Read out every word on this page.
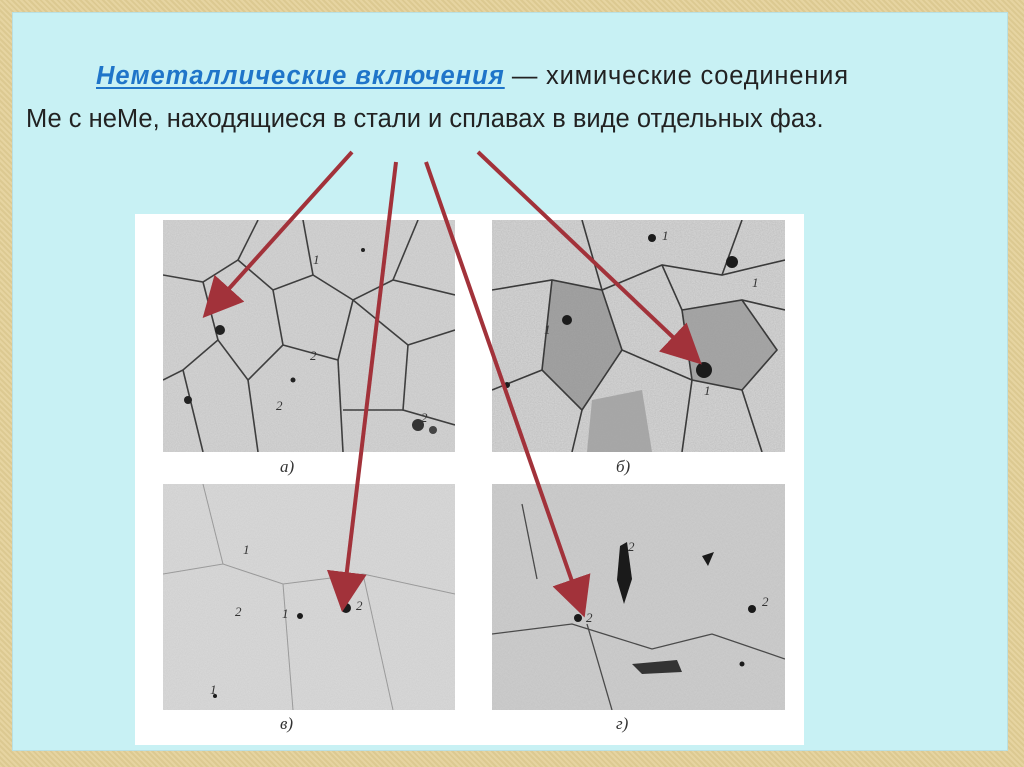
Неметаллические включения — химические соединения
Ме с неМе, находящиеся в стали и сплавах в виде отдельных фаз.
1
2
2
2
а)
1
1
1
1
б)
1
2	1
2
1
в)
2
2
2
г)
